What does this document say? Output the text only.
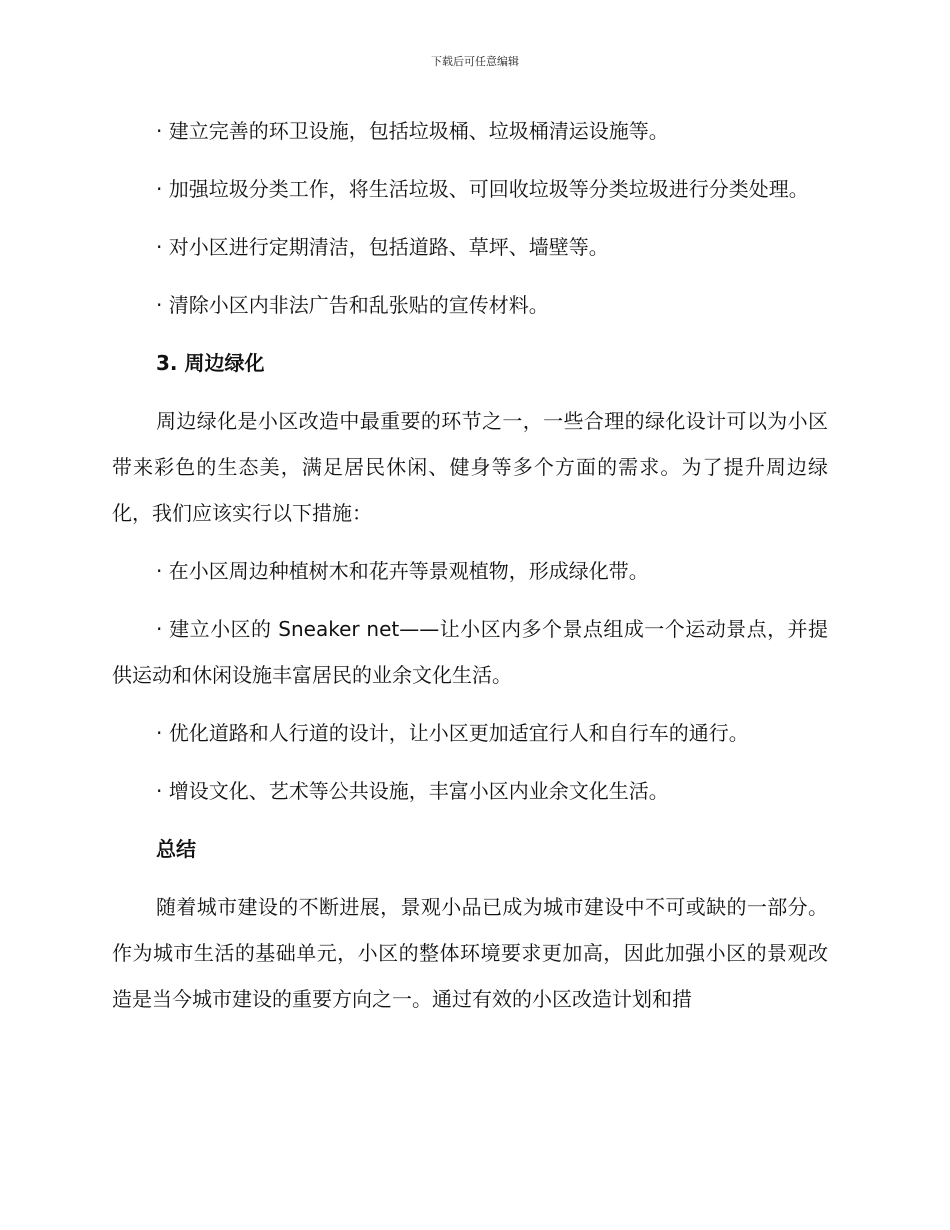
下载后可任意编辑

· 建立完善的环卫设施，包括垃圾桶、垃圾桶清运设施等。

· 加强垃圾分类工作，将生活垃圾、可回收垃圾等分类垃圾进行分类处理。

· 对小区进行定期清洁，包括道路、草坪、墙壁等。

· 清除小区内非法广告和乱张贴的宣传材料。

3. 周边绿化

周边绿化是小区改造中最重要的环节之一，一些合理的绿化设计可以为小区带来彩色的生态美，满足居民休闲、健身等多个方面的需求。为了提升周边绿化，我们应该实行以下措施：

· 在小区周边种植树木和花卉等景观植物，形成绿化带。

· 建立小区的 Sneaker net——让小区内多个景点组成一个运动景点，并提供运动和休闲设施丰富居民的业余文化生活。

· 优化道路和人行道的设计，让小区更加适宜行人和自行车的通行。

· 增设文化、艺术等公共设施，丰富小区内业余文化生活。

总结

随着城市建设的不断进展，景观小品已成为城市建设中不可或缺的一部分。作为城市生活的基础单元，小区的整体环境要求更加高，因此加强小区的景观改造是当今城市建设的重要方向之一。通过有效的小区改造计划和措
